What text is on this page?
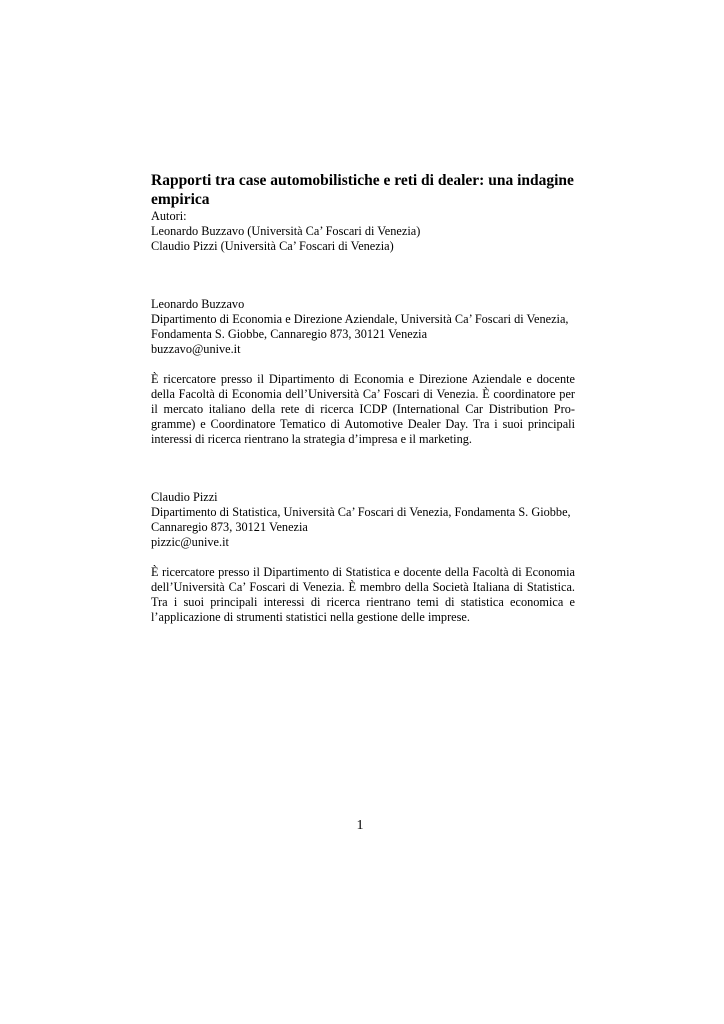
Rapporti tra case automobilistiche e reti di dealer: una indagine empirica
Autori:
Leonardo Buzzavo (Università Ca’ Foscari di Venezia)
Claudio Pizzi (Università Ca’ Foscari di Venezia)
Leonardo Buzzavo
Dipartimento di Economia e Direzione Aziendale, Università Ca’ Foscari di Venezia,
Fondamenta S. Giobbe, Cannaregio 873, 30121 Venezia
buzzavo@unive.it

È ricercatore presso il Dipartimento di Economia e Direzione Aziendale e docente della Facoltà di Economia dell’Università Ca’ Foscari di Venezia. È coordinatore per il mercato italiano della rete di ricerca ICDP (International Car Distribution Pro-gramme) e Coordinatore Tematico di Automotive Dealer Day. Tra i suoi principali interessi di ricerca rientrano la strategia d’impresa e il marketing.

Claudio Pizzi
Dipartimento di Statistica, Università Ca’ Foscari di Venezia, Fondamenta S. Giobbe,
Cannaregio 873, 30121 Venezia
pizzic@unive.it

È ricercatore presso il Dipartimento di Statistica e docente della Facoltà di Economia dell’Università Ca’ Foscari di Venezia. È membro della Società Italiana di Statistica. Tra i suoi principali interessi di ricerca rientrano temi di statistica economica e l’applicazione di strumenti statistici nella gestione delle imprese.

1
